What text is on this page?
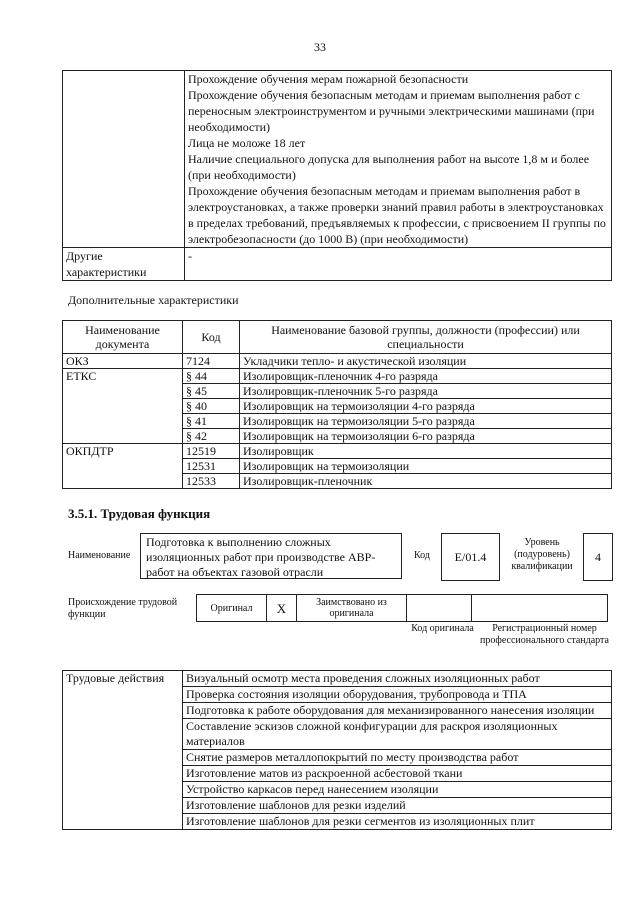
33

	Прохождение обучения мерам пожарной безопасности
Прохождение обучения безопасным методам и приемам выполнения работ с переносным электроинструментом и ручными электрическими машинами (при необходимости)
Лица не моложе 18 лет
Наличие специального допуска для выполнения работ на высоте 1,8 м и более (при необходимости)
Прохождение обучения безопасным методам и приемам выполнения работ в электроустановках, а также проверки знаний правил работы в электроустановках в пределах требований, предъявляемых к профессии, с присвоением II группы по электробезопасности (до 1000 В) (при необходимости)

Другие характеристики	-
Дополнительные характеристики
Наименование документа	Код	Наименование базовой группы, должности (профессии) или специальности
ОКЗ	7124	Укладчики тепло- и акустической изоляции
ЕТКС	§ 44	Изолировщик-пленочник 4-го разряда
	§ 45	Изолировщик-пленочник 5-го разряда
	§ 40	Изолировщик на термоизоляции 4-го разряда
	§ 41	Изолировщик на термоизоляции 5-го разряда
	§ 42	Изолировщик на термоизоляции 6-го разряда
ОКПДТР	12519	Изолировщик
	12531	Изолировщик на термоизоляции
	12533	Изолировщик-пленочник
3.5.1. Трудовая функция
Наименование
Подготовка к выполнению сложных изоляционных работ при производстве АВР-работ на объектах газовой отрасли
Код	E/01.4
Уровень (подуровень) квалификации
4
Происхождение трудовой функции
Оригинал	X	Заимствовано из оригинала
Код оригинала	Регистрационный номер профессионального стандарта
Трудовые действия	Визуальный осмотр места проведения сложных изоляционных работ
Проверка состояния изоляции оборудования, трубопровода и ТПА
Подготовка к работе оборудования для механизированного нанесения изоляции
Составление эскизов сложной конфигурации для раскроя изоляционных материалов
Снятие размеров металлопокрытий по месту производства работ
Изготовление матов из раскроенной асбестовой ткани
Устройство каркасов перед нанесением изоляции
Изготовление шаблонов для резки изделий
Изготовление шаблонов для резки сегментов из изоляционных плит
